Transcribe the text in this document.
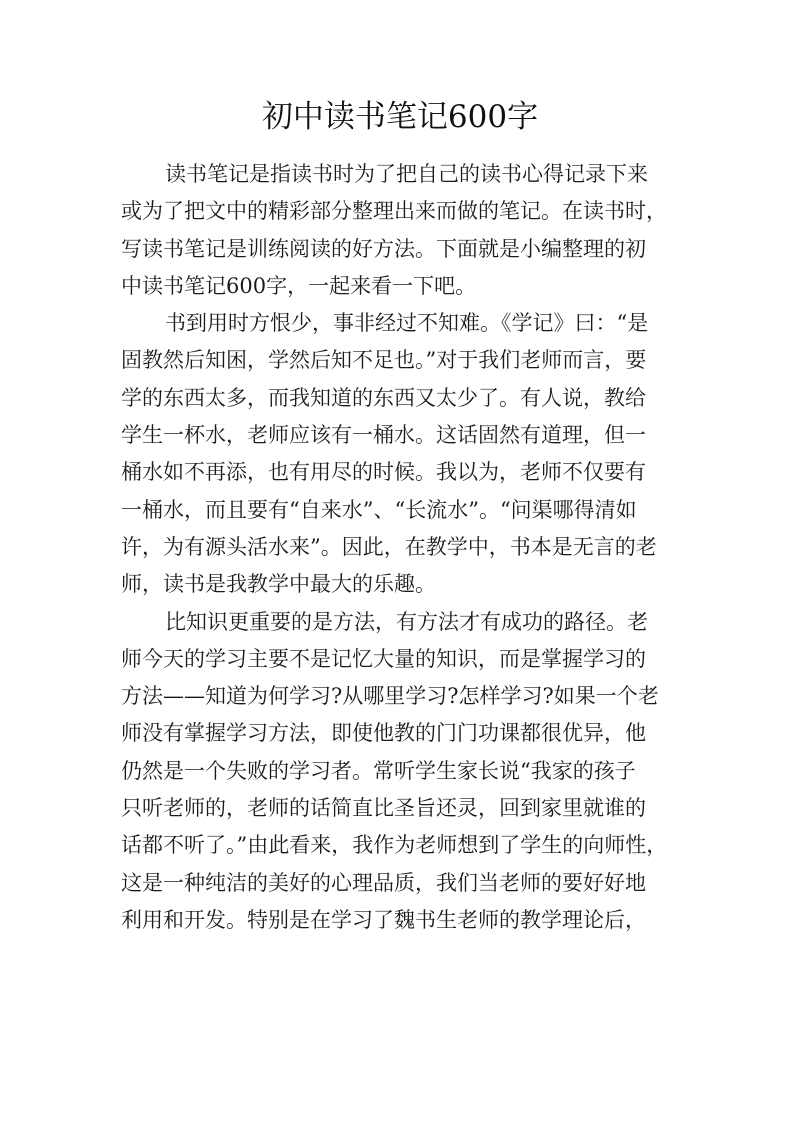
初中读书笔记600字
读书笔记是指读书时为了把自己的读书心得记录下来
或为了把文中的精彩部分整理出来而做的笔记。在读书时，
写读书笔记是训练阅读的好方法。下面就是小编整理的初
中读书笔记600字，一起来看一下吧。
书到用时方恨少，事非经过不知难。《学记》曰：“是
固教然后知困，学然后知不足也。”对于我们老师而言，要
学的东西太多，而我知道的东西又太少了。有人说，教给
学生一杯水，老师应该有一桶水。这话固然有道理，但一
桶水如不再添，也有用尽的时候。我以为，老师不仅要有
一桶水，而且要有“自来水”、“长流水”。“问渠哪得清如
许，为有源头活水来”。因此，在教学中，书本是无言的老
师，读书是我教学中最大的乐趣。
比知识更重要的是方法，有方法才有成功的路径。老
师今天的学习主要不是记忆大量的知识，而是掌握学习的
方法——知道为何学习?从哪里学习?怎样学习?如果一个老
师没有掌握学习方法，即使他教的门门功课都很优异，他
仍然是一个失败的学习者。常听学生家长说“我家的孩子
只听老师的，老师的话简直比圣旨还灵，回到家里就谁的
话都不听了。”由此看来，我作为老师想到了学生的向师性，
这是一种纯洁的美好的心理品质，我们当老师的要好好地
利用和开发。特别是在学习了魏书生老师的教学理论后，
